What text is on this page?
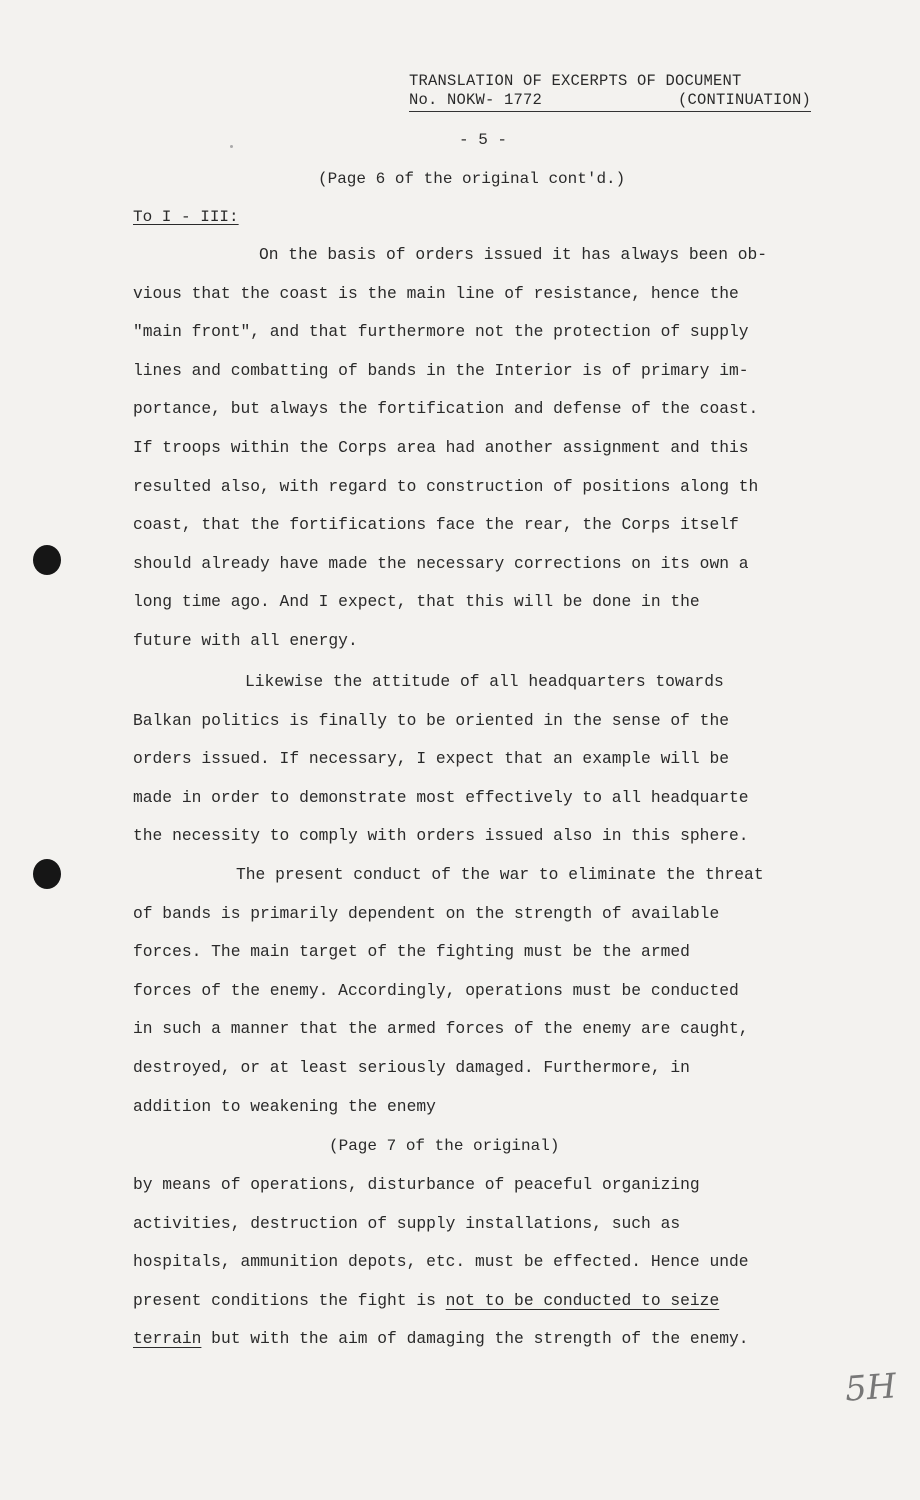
TRANSLATION OF EXCERPTS OF DOCUMENT
No. NOKW- 1772	(CONTINUATION)
- 5 -
(Page 6 of the original cont'd.)
To I - III:

On the basis of orders issued it has always been ob-
vious that the coast is the main line of resistance, hence the
"main front", and that furthermore not the protection of supply
lines and combatting of bands in the Interior is of primary im-
portance, but always the fortification and defense of the coast.
If troops within the Corps area had another assignment and this
resulted also, with regard to construction of positions along th
coast, that the fortifications face the rear, the Corps itself
should already have made the necessary corrections on its own a
long time ago. And I expect, that this will be done in the
future with all energy.

Likewise the attitude of all headquarters towards
Balkan politics is finally to be oriented in the sense of the
orders issued. If necessary, I expect that an example will be
made in order to demonstrate most effectively to all headquarte
the necessity to comply with orders issued also in this sphere.

The present conduct of the war to eliminate the threat
of bands is primarily dependent on the strength of available
forces. The main target of the fighting must be the armed
forces of the enemy. Accordingly, operations must be conducted
in such a manner that the armed forces of the enemy are caught,
destroyed, or at least seriously damaged. Furthermore, in
addition to weakening the enemy

(Page 7 of the original)

by means of operations, disturbance of peaceful organizing
activities, destruction of supply installations, such as
hospitals, ammunition depots, etc. must be effected. Hence unde
present conditions the fight is not to be conducted to seize
terrain but with the aim of damaging the strength of the enemy.

5H
